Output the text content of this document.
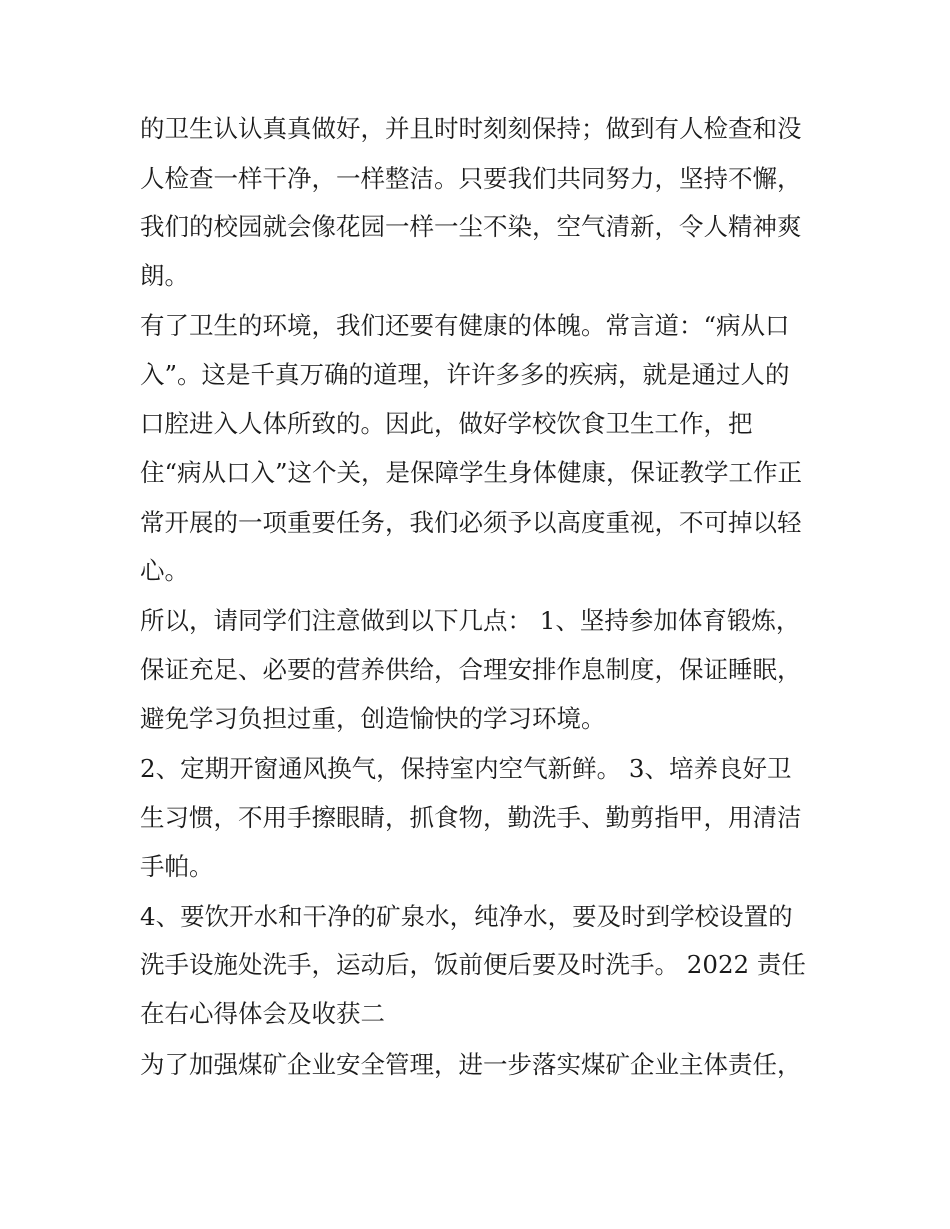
的卫生认认真真做好，并且时时刻刻保持；做到有人检查和没
人检查一样干净，一样整洁。只要我们共同努力，坚持不懈，
我们的校园就会像花园一样一尘不染，空气清新，令人精神爽
朗。
有了卫生的环境，我们还要有健康的体魄。常言道：“病从口
入”。这是千真万确的道理，许许多多的疾病，就是通过人的
口腔进入人体所致的。因此，做好学校饮食卫生工作，把
住“病从口入”这个关，是保障学生身体健康，保证教学工作正
常开展的一项重要任务，我们必须予以高度重视，不可掉以轻
心。
所以，请同学们注意做到以下几点： 1、坚持参加体育锻炼，
保证充足、必要的营养供给，合理安排作息制度，保证睡眠，
避免学习负担过重，创造愉快的学习环境。
2、定期开窗通风换气，保持室内空气新鲜。 3、培养良好卫
生习惯，不用手擦眼睛，抓食物，勤洗手、勤剪指甲，用清洁
手帕。
4、要饮开水和干净的矿泉水，纯净水，要及时到学校设置的
洗手设施处洗手，运动后，饭前便后要及时洗手。 2022 责任
在右心得体会及收获二
为了加强煤矿企业安全管理，进一步落实煤矿企业主体责任，
